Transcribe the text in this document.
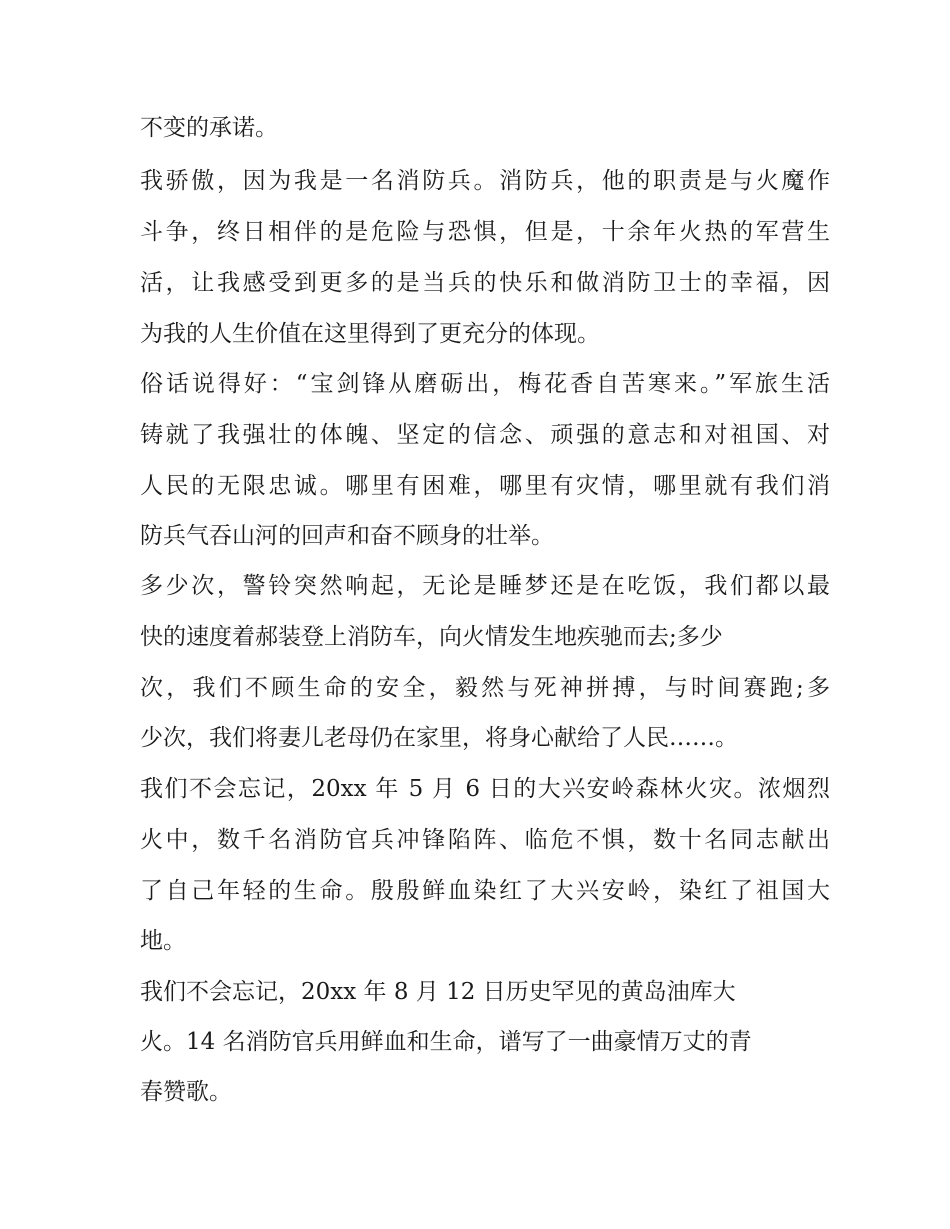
不变的承诺。
我骄傲，因为我是一名消防兵。消防兵，他的职责是与火魔作
斗争，终日相伴的是危险与恐惧，但是，十余年火热的军营生
活，让我感受到更多的是当兵的快乐和做消防卫士的幸福，因
为我的人生价值在这里得到了更充分的体现。
俗话说得好：“宝剑锋从磨砺出，梅花香自苦寒来。”军旅生活
铸就了我强壮的体魄、坚定的信念、顽强的意志和对祖国、对
人民的无限忠诚。哪里有困难，哪里有灾情，哪里就有我们消
防兵气吞山河的回声和奋不顾身的壮举。
多少次，警铃突然响起，无论是睡梦还是在吃饭，我们都以最
快的速度着郝装登上消防车，向火情发生地疾驰而去;多少
次，我们不顾生命的安全，毅然与死神拼搏，与时间赛跑;多
少次，我们将妻儿老母仍在家里，将身心献给了人民……。
我们不会忘记，20xx 年 5 月 6 日的大兴安岭森林火灾。浓烟烈
火中，数千名消防官兵冲锋陷阵、临危不惧，数十名同志献出
了自己年轻的生命。殷殷鲜血染红了大兴安岭，染红了祖国大
地。
我们不会忘记，20xx 年 8 月 12 日历史罕见的黄岛油库大
火。14 名消防官兵用鲜血和生命，谱写了一曲豪情万丈的青
春赞歌。
